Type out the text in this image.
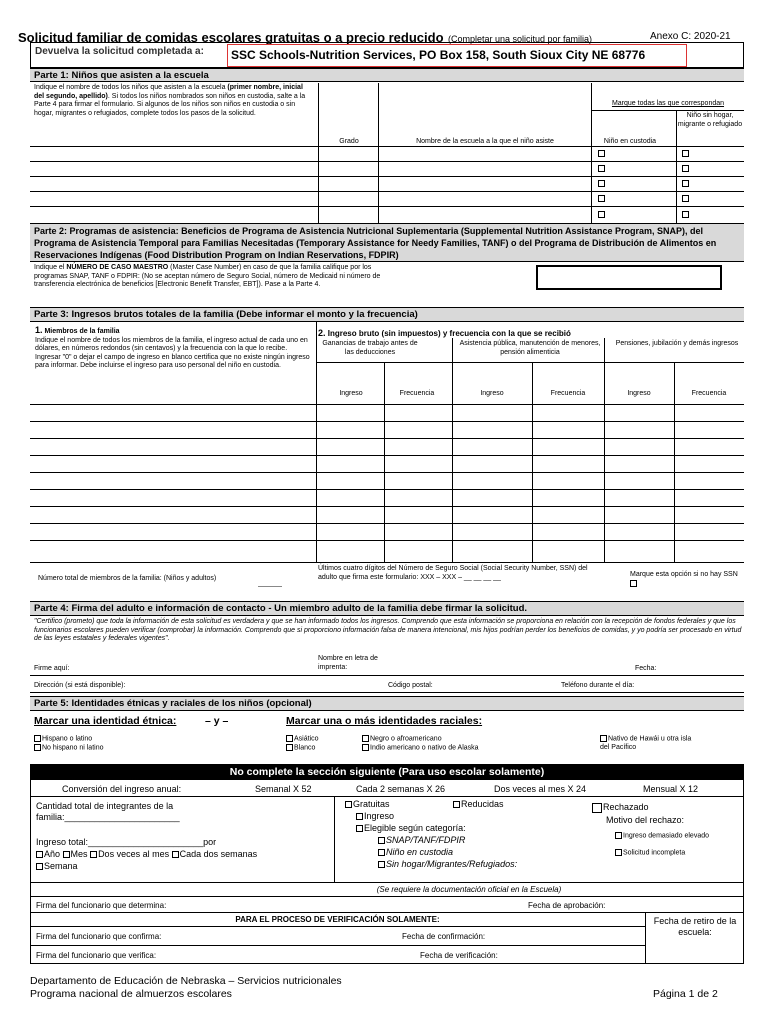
Solicitud familiar de comidas escolares gratuitas o a precio reducido (Completar una solicitud por familia)	Anexo C: 2020-21
Devuelva la solicitud completada a:	SSC Schools-Nutrition Services, PO Box 158, South Sioux City NE 68776
Parte 1: Niños que asisten a la escuela
Indique el nombre de todos los niños que asisten a la escuela (primer nombre, inicial del segundo, apellido). Si todos los niños nombrados son niños en custodia, salte a la Parte 4 para firmar el formulario. Si algunos de los niños son niños en custodia o sin hogar, migrantes o refugiados, complete todos los pasos de la solicitud.
Marque todas las que correspondan
Grado	Nombre de la escuela a la que el niño asiste	Niño en custodia
Niño sin hogar, migrante o refugiado
Parte 2: Programas de asistencia: Beneficios de Programa de Asistencia Nutricional Suplementaria (Supplemental Nutrition Assistance Program, SNAP), del Programa de Asistencia Temporal para Familias Necesitadas (Temporary Assistance for Needy Families, TANF) o del Programa de Distribución de Alimentos en Reservaciones Indígenas (Food Distribution Program on Indian Reservations, FDPIR)
Indique el NÚMERO DE CASO MAESTRO (Master Case Number) en caso de que la familia califique por los programas SNAP, TANF o FDPIR: (No se aceptan número de Seguro Social, número de Medicaid ni número de transferencia electrónica de beneficios [Electronic Benefit Transfer, EBT]). Pase a la Parte 4.
Parte 3: Ingresos brutos totales de la familia (Debe informar el monto y la frecuencia)
1. Miembros de la familia
Indique el nombre de todos los miembros de la familia, el ingreso actual de cada uno en dólares, en números redondos (sin centavos) y la frecuencia con la que lo recibe. Ingresar "0" o dejar el campo de ingreso en blanco certifica que no existe ningún ingreso para informar. Debe incluirse el ingreso para uso personal del niño en custodia.
2. Ingreso bruto (sin impuestos) y frecuencia con la que se recibió
Ganancias de trabajo antes de las deducciones
Asistencia pública, manutención de menores, pensión alimenticia
Pensiones, jubilación y demás ingresos
Ingreso	Frecuencia	Ingreso	Frecuencia	Ingreso	Frecuencia
Número total de miembros de la familia: (Niños y adultos)
Últimos cuatro dígitos del Número de Seguro Social (Social Security Number, SSN) del adulto que firma este formulario: XXX – XXX – __ __ __ __	Marque esta opción si no hay SSN
Parte 4: Firma del adulto e información de contacto - Un miembro adulto de la familia debe firmar la solicitud.
"Certifico (prometo) que toda la información de esta solicitud es verdadera y que se han informado todos los ingresos. Comprendo que esta información se proporciona en relación con la recepción de fondos federales y que los funcionarios escolares pueden verificar (comprobar) la información. Comprendo que si proporciono información falsa de manera intencional, mis hijos podrían perder los beneficios de comidas, y yo podría ser procesado en virtud de las leyes estatales y federales vigentes".
Firme aquí:
Nombre en letra de imprenta:	Fecha:
Dirección (si está disponible):	Código postal:	Teléfono durante el día:
Parte 5: Identidades étnicas y raciales de los niños (opcional)
Marcar una identidad étnica:	– y –	Marcar una o más identidades raciales:
Hispano o latino
No hispano ni latino
Asiático
Blanco
Negro o afroamericano
Indio americano o nativo de Alaska
Nativo de Hawái u otra isla del Pacífico
No complete la sección siguiente (Para uso escolar solamente)
Conversión del ingreso anual:	Semanal X 52	Cada 2 semanas X 26	Dos veces al mes X 24	Mensual X 12
Cantidad total de integrantes de la familia:_______________________
Ingreso total:_______________________por
Año Mes Dos veces al mes Cada dos semanas
Semana
Gratuitas	Reducidas
Ingreso
Elegible según categoría:
SNAP/TANF/FDPIR
Niño en custodia
Sin hogar/Migrantes/Refugiados:
Rechazado
Motivo del rechazo:
Ingreso demasiado elevado
Solicitud incompleta
(Se requiere la documentación oficial en la Escuela)
Firma del funcionario que determina:	Fecha de aprobación:
PARA EL PROCESO DE VERIFICACIÓN SOLAMENTE:	Fecha de retiro de la escuela:
Firma del funcionario que confirma:	Fecha de confirmación:
Firma del funcionario que verifica:	Fecha de verificación:
Departamento de Educación de Nebraska – Servicios nutricionales
Programa nacional de almuerzos escolares	Página 1 de 2
